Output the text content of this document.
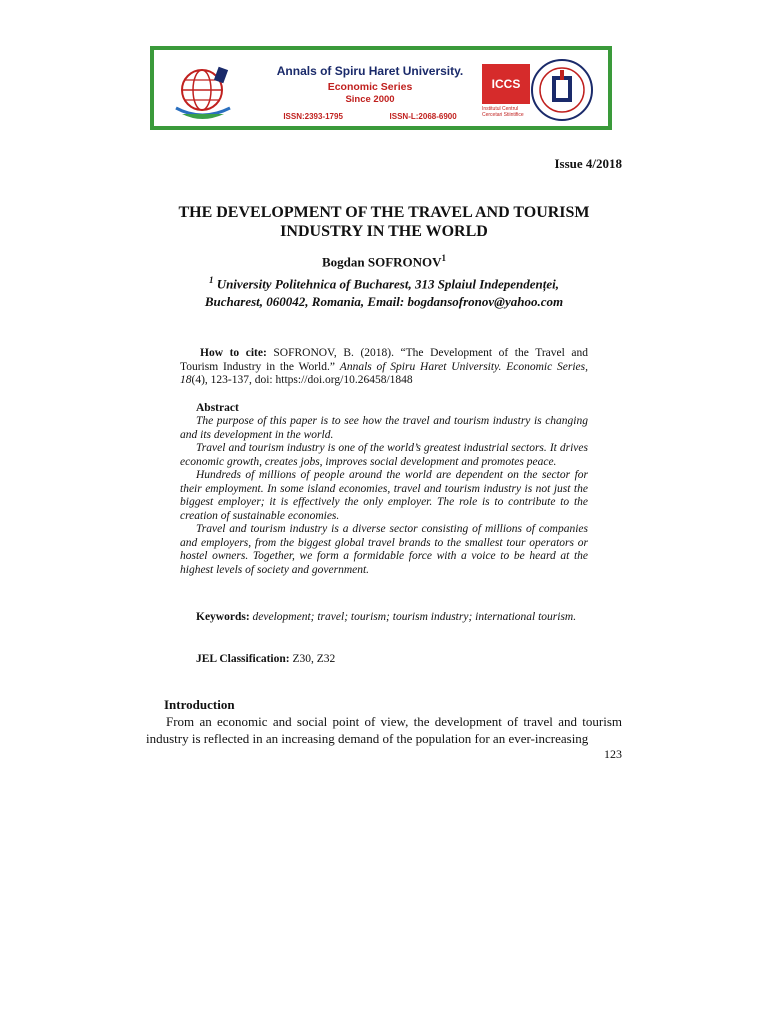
Annals of Spiru Haret University.
Economic Series
Since 2000
ISSN:2393-1795	ISSN-L:2068-6900
ICCS
Institutul Centrul Cercetari Stiintifice
Issue 4/2018
THE DEVELOPMENT OF THE TRAVEL AND TOURISM INDUSTRY IN THE WORLD
Bogdan SOFRONOV$^1$
$^1$ University Politehnica of Bucharest, 313 Splaiul Independenței,
Bucharest, 060042, Romania, Email: bogdansofronov@yahoo.com
How to cite: SOFRONOV, B. (2018). “The Development of the Travel and Tourism Industry in the World.” Annals of Spiru Haret University. Economic Series, 18(4), 123-137, doi: https://doi.org/10.26458/1848
Abstract

The purpose of this paper is to see how the travel and tourism industry is changing and its development in the world.

Travel and tourism industry is one of the world’s greatest industrial sectors. It drives economic growth, creates jobs, improves social development and promotes peace.

Hundreds of millions of people around the world are dependent on the sector for their employment. In some island economies, travel and tourism industry is not just the biggest employer; it is effectively the only employer. The role is to contribute to the creation of sustainable economies.

Travel and tourism industry is a diverse sector consisting of millions of companies and employers, from the biggest global travel brands to the smallest tour operators or hostel owners. Together, we form a formidable force with a voice to be heard at the highest levels of society and government.

Keywords: development; travel; tourism; tourism industry; international tourism.
JEL Classification: Z30, Z32
Introduction

From an economic and social point of view, the development of travel and tourism industry is reflected in an increasing demand of the population for an ever-increasing

123
